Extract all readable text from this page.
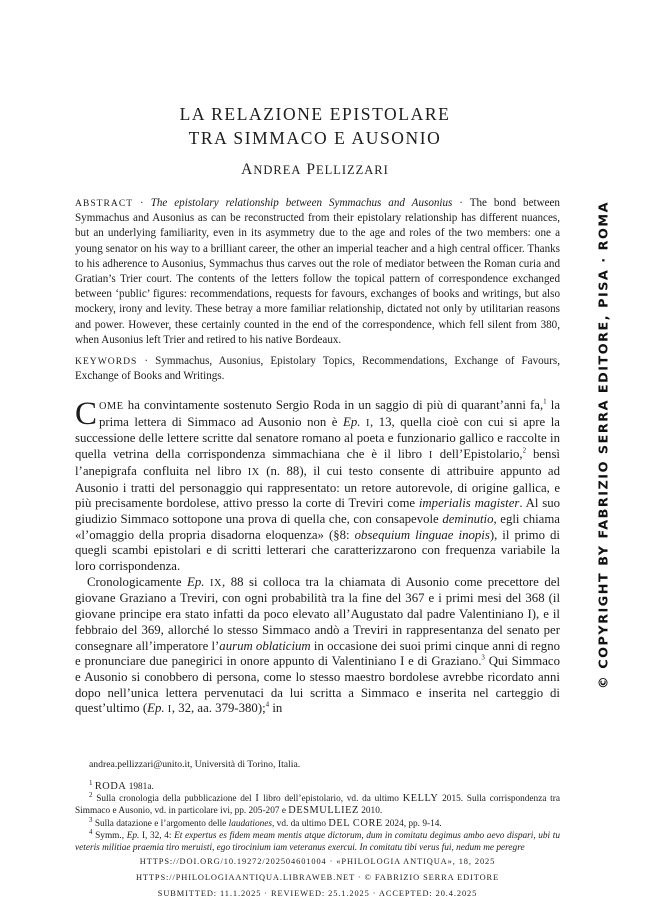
LA RELAZIONE EPISTOLARE
TRA SIMMACO E AUSONIO
ANDREA PELLIZZARI
ABSTRACT · The epistolary relationship between Symmachus and Ausonius · The bond between Symmachus and Ausonius as can be reconstructed from their epistolary relationship has different nuances, but an underlying familiarity, even in its asymmetry due to the age and roles of the two members: one a young senator on his way to a brilliant career, the other an imperial teacher and a high central officer. Thanks to his adherence to Ausonius, Symmachus thus carves out the role of mediator between the Roman curia and Gratian’s Trier court. The contents of the letters follow the topical pattern of correspondence exchanged between ‘public’ figures: recommendations, requests for favours, exchanges of books and writings, but also mockery, irony and levity. These betray a more familiar relationship, dictated not only by utilitarian reasons and power. However, these certainly counted in the end of the correspondence, which fell silent from 380, when Ausonius left Trier and retired to his native Bordeaux.
KEYWORDS · Symmachus, Ausonius, Epistolary Topics, Recommendations, Exchange of Favours, Exchange of Books and Writings.

COME ha convintamente sostenuto Sergio Roda in un saggio di più di quarant’anni fa,$^1$ la prima lettera di Simmaco ad Ausonio non è Ep. I, 13, quella cioè con cui si apre la successione delle lettere scritte dal senatore romano al poeta e funzionario gallico e raccolte in quella vetrina della corrispondenza simmachiana che è il libro I dell’Epistolario,$^2$ bensì l’anepigrafa confluita nel libro IX (n. 88), il cui testo consente di attribuire appunto ad Ausonio i tratti del personaggio qui rappresentato: un retore autorevole, di origine gallica, e più precisamente bordolese, attivo presso la corte di Treviri come imperialis magister. Al suo giudizio Simmaco sottopone una prova di quella che, con consapevole deminutio, egli chiama «l’omaggio della propria disadorna eloquenza» (§8: obsequium linguae inopis), il primo di quegli scambi epistolari e di scritti letterari che caratterizzarono con frequenza variabile la loro corrispondenza.

Cronologicamente Ep. IX, 88 si colloca tra la chiamata di Ausonio come precettore del giovane Graziano a Treviri, con ogni probabilità tra la fine del 367 e i primi mesi del 368 (il giovane principe era stato infatti da poco elevato all’Augustato dal padre Valentiniano I), e il febbraio del 369, allorché lo stesso Simmaco andò a Treviri in rappresentanza del senato per consegnare all’imperatore l’aurum oblaticium in occasione dei suoi primi cinque anni di regno e pronunciare due panegirici in onore appunto di Valentiniano I e di Graziano.$^3$ Qui Simmaco e Ausonio si conobbero di persona, come lo stesso maestro bordolese avrebbe ricordato anni dopo nell’unica lettera pervenutaci da lui scritta a Simmaco e inserita nel carteggio di quest’ultimo (Ep. I, 32, aa. 379-380);$^4$ in

andrea.pellizzari@unito.it, Università di Torino, Italia.

$^1$ RODA 1981a.

$^2$ Sulla cronologia della pubblicazione del I libro dell’epistolario, vd. da ultimo KELLY 2015. Sulla corrispondenza tra Simmaco e Ausonio, vd. in particolare ivi, pp. 205-207 e DESMULLIEZ 2010.

$^3$ Sulla datazione e l’argomento delle laudationes, vd. da ultimo DEL CORE 2024, pp. 9-14.

$^4$ Symm., Ep. I, 32, 4: Et expertus es fidem meam mentis atque dictorum, dum in comitatu degimus ambo aevo dispari, ubi tu veteris militiae praemia tiro meruisti, ego tirocinium iam veteranus exercui. In comitatu tibi verus fui, nedum me peregre

HTTPS://DOI.ORG/10.19272/202504601004 · «PHILOLOGIA ANTIQUA», 18, 2025
HTTPS://PHILOLOGIAANTIQUA.LIBRAWEB.NET · © FABRIZIO SERRA EDITORE
SUBMITTED: 11.1.2025 · REVIEWED: 25.1.2025 · ACCEPTED: 20.4.2025
© COPYRIGHT BY FABRIZIO SERRA EDITORE, PISA · ROMA
